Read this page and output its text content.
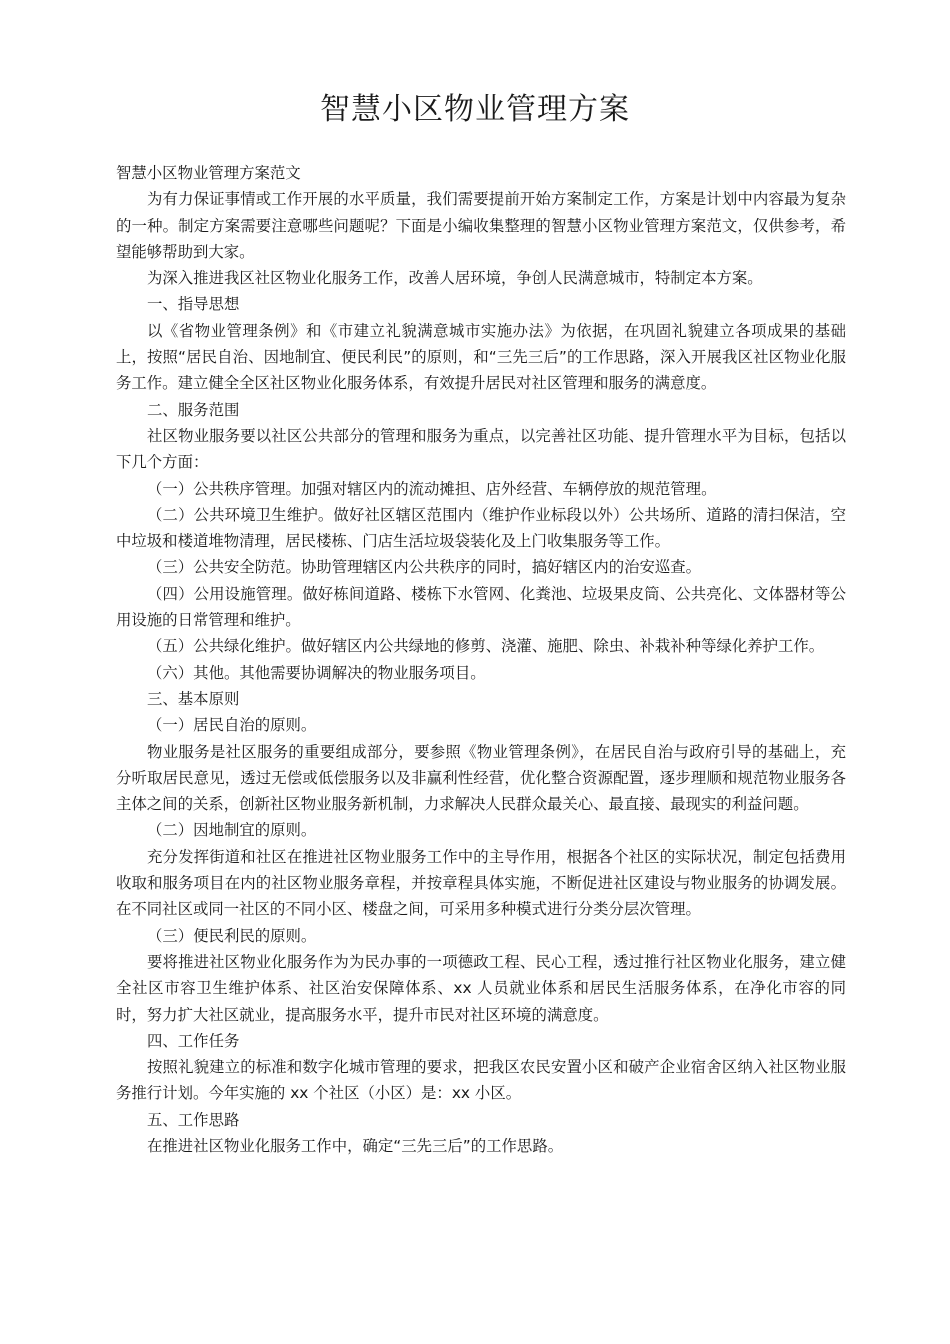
智慧小区物业管理方案

智慧小区物业管理方案范文

为有力保证事情或工作开展的水平质量，我们需要提前开始方案制定工作，方案是计划中内容最为复杂的一种。制定方案需要注意哪些问题呢？下面是小编收集整理的智慧小区物业管理方案范文，仅供参考，希望能够帮助到大家。

为深入推进我区社区物业化服务工作，改善人居环境，争创人民满意城市，特制定本方案。

一、指导思想

以《省物业管理条例》和《市建立礼貌满意城市实施办法》为依据，在巩固礼貌建立各项成果的基础上，按照“居民自治、因地制宜、便民利民”的原则，和“三先三后”的工作思路，深入开展我区社区物业化服务工作。建立健全全区社区物业化服务体系，有效提升居民对社区管理和服务的满意度。

二、服务范围

社区物业服务要以社区公共部分的管理和服务为重点，以完善社区功能、提升管理水平为目标，包括以下几个方面：

（一）公共秩序管理。加强对辖区内的流动摊担、店外经营、车辆停放的规范管理。

（二）公共环境卫生维护。做好社区辖区范围内（维护作业标段以外）公共场所、道路的清扫保洁，空中垃圾和楼道堆物清理，居民楼栋、门店生活垃圾袋装化及上门收集服务等工作。

（三）公共安全防范。协助管理辖区内公共秩序的同时，搞好辖区内的治安巡查。

（四）公用设施管理。做好栋间道路、楼栋下水管网、化粪池、垃圾果皮筒、公共亮化、文体器材等公用设施的日常管理和维护。

（五）公共绿化维护。做好辖区内公共绿地的修剪、浇灌、施肥、除虫、补栽补种等绿化养护工作。

（六）其他。其他需要协调解决的物业服务项目。

三、基本原则

（一）居民自治的原则。

物业服务是社区服务的重要组成部分，要参照《物业管理条例》，在居民自治与政府引导的基础上，充分听取居民意见，透过无偿或低偿服务以及非赢利性经营，优化整合资源配置，逐步理顺和规范物业服务各主体之间的关系，创新社区物业服务新机制，力求解决人民群众最关心、最直接、最现实的利益问题。

（二）因地制宜的原则。

充分发挥街道和社区在推进社区物业服务工作中的主导作用，根据各个社区的实际状况，制定包括费用收取和服务项目在内的社区物业服务章程，并按章程具体实施，不断促进社区建设与物业服务的协调发展。在不同社区或同一社区的不同小区、楼盘之间，可采用多种模式进行分类分层次管理。

（三）便民利民的原则。

要将推进社区物业化服务作为为民办事的一项德政工程、民心工程，透过推行社区物业化服务，建立健全社区市容卫生维护体系、社区治安保障体系、xx 人员就业体系和居民生活服务体系，在净化市容的同时，努力扩大社区就业，提高服务水平，提升市民对社区环境的满意度。

四、工作任务

按照礼貌建立的标准和数字化城市管理的要求，把我区农民安置小区和破产企业宿舍区纳入社区物业服务推行计划。今年实施的 xx 个社区（小区）是：xx 小区。

五、工作思路

在推进社区物业化服务工作中，确定“三先三后”的工作思路。
